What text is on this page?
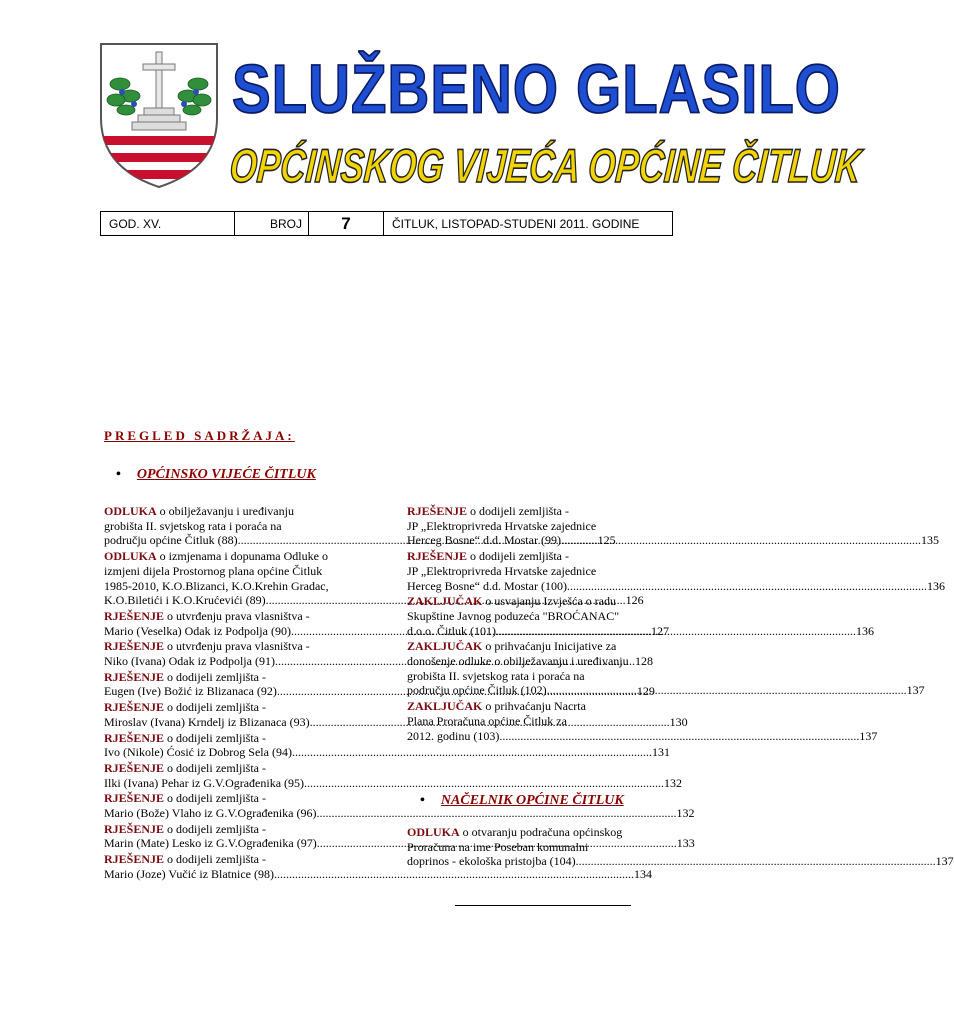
SLUŽBENO GLASILO
OPĆINSKOG VIJEĆA OPĆINE ČITLUK
GOD. XV.	BROJ	7	ČITLUK, LISTOPAD-STUDENI 2011. GODINE
PREGLED SADRŽAJA:
• OPĆINSKO VIJEĆE ČITLUK
• NAČELNIK OPĆINE ČITLUK
ODLUKA o obilježavanju i uređivanju
grobišta II. svjetskog rata i poraća na
području općine Čitluk (88) .....	125
ODLUKA o izmjenama i dopunama Odluke o
izmjeni dijela Prostornog plana općine Čitluk
1985-2010, K.O.Blizanci, K.O.Krehin Gradac,
K.O.Biletići i K.O.Krućevići (89) .....	126
RJEŠENJE o utvrđenju prava vlasništva -
Mario (Veselka) Odak iz Podpolja (90) .....	127
RJEŠENJE o utvrđenju prava vlasništva -
Niko (Ivana) Odak iz Podpolja (91) .....	128
RJEŠENJE o dodijeli zemljišta -
Eugen (Ive) Božić iz Blizanaca (92) .....	129
RJEŠENJE o dodijeli zemljišta -
Miroslav (Ivana) Krndelj iz Blizanaca (93) .....	130
RJEŠENJE o dodijeli zemljišta -
Ivo (Nikole) Ćosić iz Dobrog Sela (94) .....	131
RJEŠENJE o dodijeli zemljišta -
Ilki (Ivana) Pehar iz G.V.Ograđenika (95) .....	132
RJEŠENJE o dodijeli zemljišta -
Mario (Bože) Vlaho iz G.V.Ograđenika (96) .....	132
RJEŠENJE o dodijeli zemljišta -
Marin (Mate) Lesko iz G.V.Ograđenika (97) .....	133
RJEŠENJE o dodijeli zemljišta -
Mario (Joze) Vučić iz Blatnice (98) .....	134
RJEŠENJE o dodijeli zemljišta -
JP „Elektroprivreda Hrvatske zajednice
Herceg Bosne“ d.d. Mostar (99) .....	135
RJEŠENJE o dodijeli zemljišta -
JP „Elektroprivreda Hrvatske zajednice
Herceg Bosne“ d.d. Mostar (100) .....	136
ZAKLJUČAK o usvajanju Izvješća o radu
Skupštine Javnog poduzeća "BROĆANAC"
d.o.o. Čitluk (101) .....	136
ZAKLJUČAK o prihvaćanju Inicijative za
donošenje odluke o obilježavanju i uređivanju
grobišta II. svjetskog rata i poraća na
području općine Čitluk (102) .....	137
ZAKLJUČAK o prihvaćanju Nacrta
Plana Proračuna općine Čitluk za
2012. godinu (103) .....	137
ODLUKA o otvaranju podračuna općinskog
Proračuna na ime Poseban komunalni
doprinos - ekološka pristojba (104) .....	137
